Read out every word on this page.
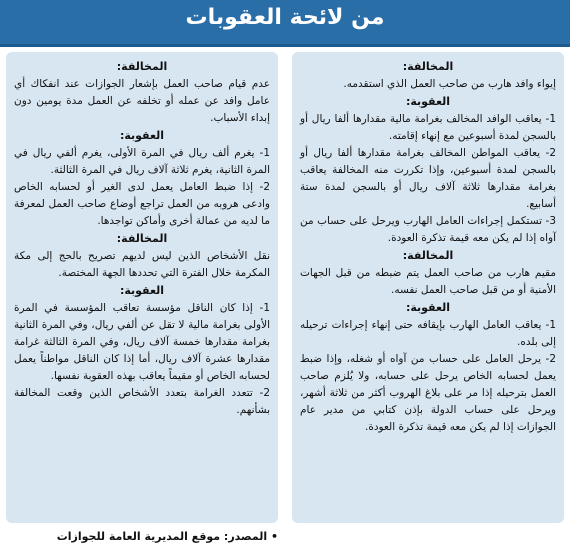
من لائحة العقوبات
المخالفة:
إيواء وافد هارب من صاحب العمل الذي استقدمه.
العقوبة:
1- يعاقب الوافد المخالف بغرامة مالية مقدارها ألفا ريال أو بالسجن لمدة أسبوعين مع إنهاء إقامته.
2- يعاقب المواطن المخالف بغرامة مقدارها ألفا ريال أو بالسجن لمدة أسبوعين، وإذا تكررت منه المخالفة يعاقب بغرامة مقدارها ثلاثة آلاف ريال أو بالسجن لمدة ستة أسابيع.
3- تستكمل إجراءات العامل الهارب ويرحل على حساب من آواه إذا لم يكن معه قيمة تذكرة العودة.
المخالفة:
مقيم هارب من صاحب العمل يتم ضبطه من قبل الجهات الأمنية أو من قبل صاحب العمل نفسه.
العقوبة:
1- يعاقب العامل الهارب بإيقافه حتى إنهاء إجراءات ترحيله إلى بلده.
2- يرحل العامل على حساب من آواه أو شغله، وإذا ضبط يعمل لحسابه الخاص يرحل على حسابه، ولا يُلزم صاحب العمل بترحيله إذا مر على بلاغ الهروب أكثر من ثلاثة أشهر، ويرحل على حساب الدولة بإذن كتابي من مدير عام الجوازات إذا لم يكن معه قيمة تذكرة العودة.
المخالفة:
عدم قيام صاحب العمل بإشعار الجوازات عند انفكاك أي عامل وافد عن عمله أو تخلفه عن العمل مدة يومين دون إبداء الأسباب.
العقوبة:
1- يغرم ألف ريال في المرة الأولى، يغرم ألفي ريال في المرة الثانية، يغرم ثلاثة آلاف ريال في المرة الثالثة.
2- إذا ضبط العامل يعمل لدى الغير أو لحسابه الخاص وادعى هروبه من العمل تراجع أوضاع صاحب العمل لمعرفة ما لديه من عمالة أخرى وأماكن تواجدها.
المخالفة:
نقل الأشخاص الذين ليس لديهم تصريح بالحج إلى مكة المكرمة خلال الفترة التي تحددها الجهة المختصة.
العقوبة:
1- إذا كان الناقل مؤسسة تعاقب المؤسسة في المرة الأولى بغرامة مالية لا تقل عن ألفي ريال، وفي المرة الثانية بغرامة مقدارها خمسة آلاف ريال، وفي المرة الثالثة غرامة مقدارها عشرة آلاف ريال، أما إذا كان الناقل مواطناً يعمل لحسابه الخاص أو مقيماً يعاقب بهذه العقوبة نفسها.
2- تتعدد الغرامة بتعدد الأشخاص الذين وقعت المخالفة بشأنهم.
• المصدر: موقع المديرية العامة للجوازات
